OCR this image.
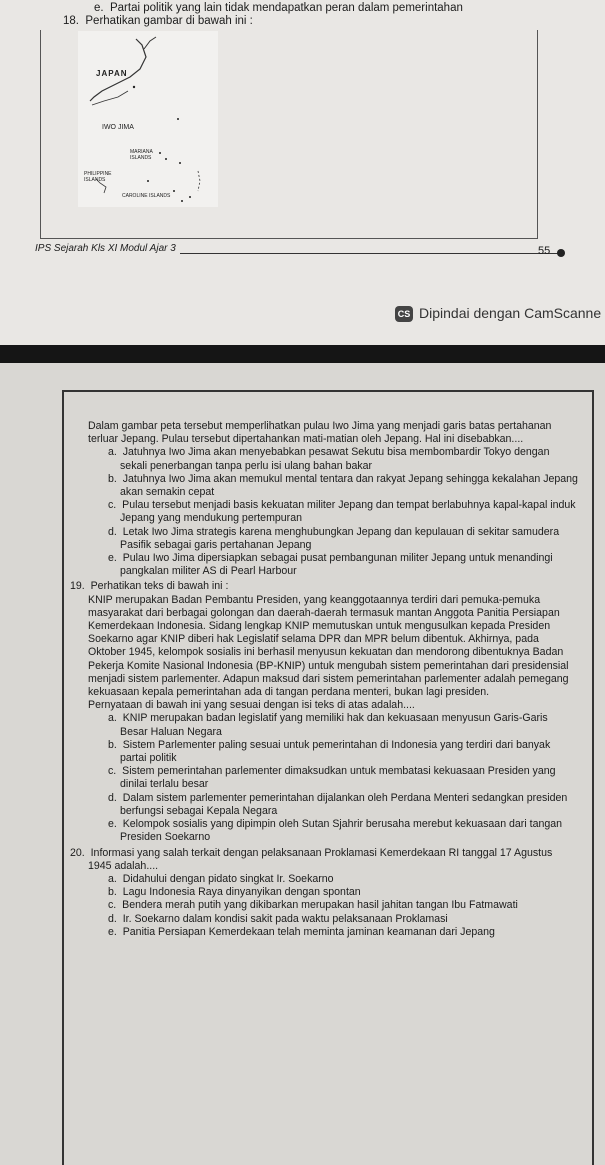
e.  Partai politik yang lain tidak mendapatkan peran dalam pemerintahan
18.  Perhatikan gambar di bawah ini :
JAPAN
IWO JIMA
MARIANA ISLANDS
PHILIPPINE ISLANDS
CAROLINE ISLANDS
IPS Sejarah Kls XI Modul Ajar 3	55
CS Dipindai dengan CamScanne

Dalam gambar peta tersebut memperlihatkan pulau Iwo Jima yang menjadi garis batas pertahanan terluar Jepang. Pulau tersebut dipertahankan mati-matian oleh Jepang. Hal ini disebabkan....

a.  Jatuhnya Iwo Jima akan menyebabkan pesawat Sekutu bisa membombardir Tokyo dengan sekali penerbangan tanpa perlu isi ulang bahan bakar
b.  Jatuhnya Iwo Jima akan memukul mental tentara dan rakyat Jepang sehingga kekalahan Jepang akan semakin cepat
c.  Pulau tersebut menjadi basis kekuatan militer Jepang dan tempat berlabuhnya kapal-kapal induk Jepang yang mendukung pertempuran
d.  Letak Iwo Jima strategis karena menghubungkan Jepang dan kepulauan di sekitar samudera Pasifik sebagai garis pertahanan Jepang
e.  Pulau Iwo Jima dipersiapkan sebagai pusat pembangunan militer Jepang untuk menandingi pangkalan militer AS di Pearl Harbour
19.  Perhatikan teks di bawah ini :

KNIP merupakan Badan Pembantu Presiden, yang keanggotaannya terdiri dari pemuka-pemuka masyarakat dari berbagai golongan dan daerah-daerah termasuk mantan Anggota Panitia Persiapan Kemerdekaan Indonesia. Sidang lengkap KNIP memutuskan untuk mengusulkan kepada Presiden Soekarno agar KNIP diberi hak Legislatif selama DPR dan MPR belum dibentuk. Akhirnya, pada Oktober 1945, kelompok sosialis ini berhasil menyusun kekuatan dan mendorong dibentuknya Badan Pekerja Komite Nasional Indonesia (BP-KNIP) untuk mengubah sistem pemerintahan dari presidensial menjadi sistem parlementer. Adapun maksud dari sistem pemerintahan parlementer adalah pemegang kekuasaan kepala pemerintahan ada di tangan perdana menteri, bukan lagi presiden.

Pernyataan di bawah ini yang sesuai dengan isi teks di atas adalah....

a.  KNIP merupakan badan legislatif yang memiliki hak dan kekuasaan menyusun Garis-Garis Besar Haluan Negara
b.  Sistem Parlementer paling sesuai untuk pemerintahan di Indonesia yang terdiri dari banyak partai politik
c.  Sistem pemerintahan parlementer dimaksudkan untuk membatasi kekuasaan Presiden yang dinilai terlalu besar
d.  Dalam sistem parlementer pemerintahan dijalankan oleh Perdana Menteri sedangkan presiden berfungsi sebagai Kepala Negara
e.  Kelompok sosialis yang dipimpin oleh Sutan Sjahrir berusaha merebut kekuasaan dari tangan Presiden Soekarno
20.  Informasi yang salah terkait dengan pelaksanaan Proklamasi Kemerdekaan RI tanggal 17 Agustus 1945 adalah....
a.  Didahului dengan pidato singkat Ir. Soekarno
b.  Lagu Indonesia Raya dinyanyikan dengan spontan
c.  Bendera merah putih yang dikibarkan merupakan hasil jahitan tangan Ibu Fatmawati
d.  Ir. Soekarno dalam kondisi sakit pada waktu pelaksanaan Proklamasi
e.  Panitia Persiapan Kemerdekaan telah meminta jaminan keamanan dari Jepang
